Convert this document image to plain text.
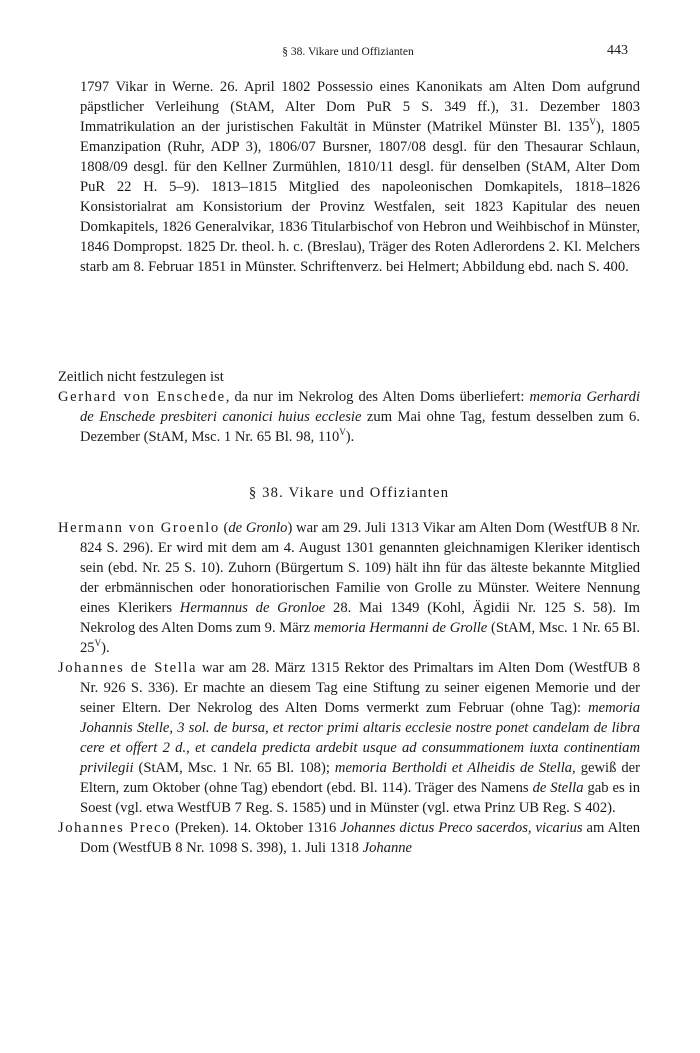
§ 38. Vikare und Offizianten	443
1797 Vikar in Werne. 26. April 1802 Possessio eines Kanonikats am Alten Dom aufgrund päpstlicher Verleihung (StAM, Alter Dom PuR 5 S. 349 ff.), 31. Dezember 1803 Immatrikulation an der juristischen Fakultät in Münster (Matrikel Münster Bl. $135^V$), 1805 Emanzipation (Ruhr, ADP 3), 1806/07 Bursner, 1807/08 desgl. für den Thesaurar Schlaun, 1808/09 desgl. für den Kellner Zurmühlen, 1810/11 desgl. für denselben (StAM, Alter Dom PuR 22 H. 5–9). 1813–1815 Mitglied des napoleonischen Domkapitels, 1818–1826 Konsistorialrat am Konsistorium der Provinz Westfalen, seit 1823 Kapitular des neuen Domkapitels, 1826 Generalvikar, 1836 Titularbischof von Hebron und Weihbischof in Münster, 1846 Dompropst. 1825 Dr. theol. h. c. (Breslau), Träger des Roten Adlerordens 2. Kl. Melchers starb am 8. Februar 1851 in Münster. Schriftenverz. bei Helmert; Abbildung ebd. nach S. 400.
Zeitlich nicht festzulegen ist
Gerhard von Enschede, da nur im Nekrolog des Alten Doms überliefert: memoria Gerhardi de Enschede presbiteri canonici huius ecclesie zum Mai ohne Tag, festum desselben zum 6. Dezember (StAM, Msc. 1 Nr. 65 Bl. 98, $110^V$).
§ 38. Vikare und Offizianten
Hermann von Groenlo (de Gronlo) war am 29. Juli 1313 Vikar am Alten Dom (WestfUB 8 Nr. 824 S. 296). Er wird mit dem am 4. August 1301 genannten gleichnamigen Kleriker identisch sein (ebd. Nr. 25 S. 10). Zuhorn (Bürgertum S. 109) hält ihn für das älteste bekannte Mitglied der erbmännischen oder honoratiorischen Familie von Grolle zu Münster. Weitere Nennung eines Klerikers Hermannus de Gronloe 28. Mai 1349 (Kohl, Ägidii Nr. 125 S. 58). Im Nekrolog des Alten Doms zum 9. März memoria Hermanni de Grolle (StAM, Msc. 1 Nr. 65 Bl. $25^V$).
Johannes de Stella war am 28. März 1315 Rektor des Primaltars im Alten Dom (WestfUB 8 Nr. 926 S. 336). Er machte an diesem Tag eine Stiftung zu seiner eigenen Memorie und der seiner Eltern. Der Nekrolog des Alten Doms vermerkt zum Februar (ohne Tag): memoria Johannis Stelle, 3 sol. de bursa, et rector primi altaris ecclesie nostre ponet candelam de libra cere et offert 2 d., et candela predicta ardebit usque ad consummationem iuxta continentiam privilegii (StAM, Msc. 1 Nr. 65 Bl. 108); memoria Bertholdi et Alheidis de Stella, gewiß der Eltern, zum Oktober (ohne Tag) ebendort (ebd. Bl. 114). Träger des Namens de Stella gab es in Soest (vgl. etwa WestfUB 7 Reg. S. 1585) und in Münster (vgl. etwa Prinz UB Reg. S 402).
Johannes Preco (Preken). 14. Oktober 1316 Johannes dictus Preco sacerdos, vicarius am Alten Dom (WestfUB 8 Nr. 1098 S. 398), 1. Juli 1318 Johanne
